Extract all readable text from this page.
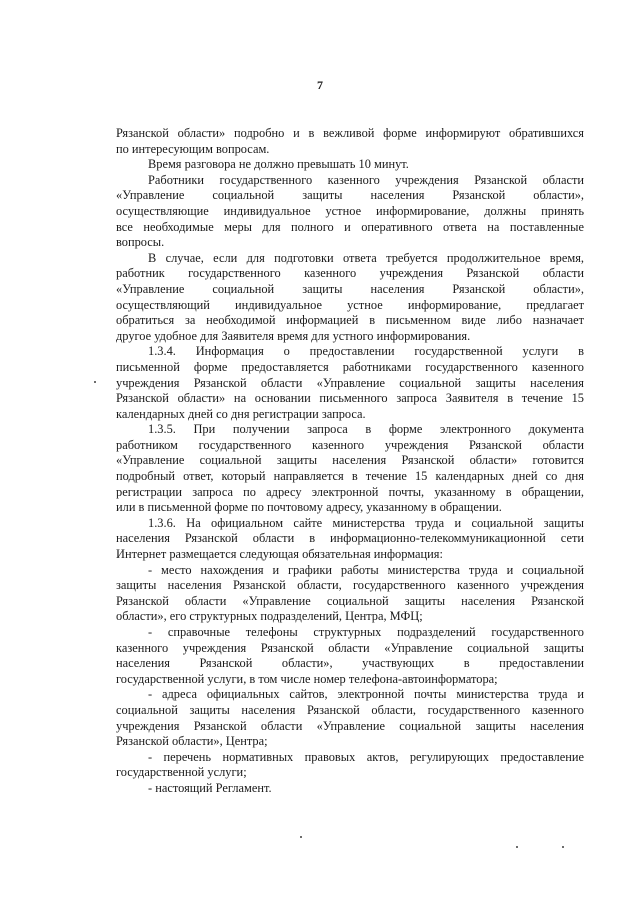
7

Рязанской области» подробно и в вежливой форме информируют обратившихся
по интересующим вопросам.

Время разговора не должно превышать 10 минут.

Работники государственного казенного учреждения Рязанской области
«Управление социальной защиты населения Рязанской области»,
осуществляющие индивидуальное устное информирование, должны принять
все необходимые меры для полного и оперативного ответа на поставленные
вопросы.

В случае, если для подготовки ответа требуется продолжительное время,
работник государственного казенного учреждения Рязанской области
«Управление социальной защиты населения Рязанской области»,
осуществляющий индивидуальное устное информирование, предлагает
обратиться за необходимой информацией в письменном виде либо назначает
другое удобное для Заявителя время для устного информирования.

1.3.4. Информация о предоставлении государственной услуги в
письменной форме предоставляется работниками государственного казенного
учреждения Рязанской области «Управление социальной защиты населения
Рязанской области» на основании письменного запроса Заявителя в течение 15
календарных дней со дня регистрации запроса.

1.3.5. При получении запроса в форме электронного документа
работником государственного казенного учреждения Рязанской области
«Управление социальной защиты населения Рязанской области» готовится
подробный ответ, который направляется в течение 15 календарных дней со дня
регистрации запроса по адресу электронной почты, указанному в обращении,
или в письменной форме по почтовому адресу, указанному в обращении.

1.3.6. На официальном сайте министерства труда и социальной защиты
населения Рязанской области в информационно-телекоммуникационной сети
Интернет размещается следующая обязательная информация:

- место нахождения и графики работы министерства труда и социальной
защиты населения Рязанской области, государственного казенного учреждения
Рязанской области «Управление социальной защиты населения Рязанской
области», его структурных подразделений, Центра, МФЦ;

- справочные телефоны структурных подразделений государственного
казенного учреждения Рязанской области «Управление социальной защиты
населения Рязанской области», участвующих в предоставлении
государственной услуги, в том числе номер телефона-автоинформатора;

- адреса официальных сайтов, электронной почты министерства труда и
социальной защиты населения Рязанской области, государственного казенного
учреждения Рязанской области «Управление социальной защиты населения
Рязанской области», Центра;

- перечень нормативных правовых актов, регулирующих предоставление
государственной услуги;

- настоящий Регламент.
